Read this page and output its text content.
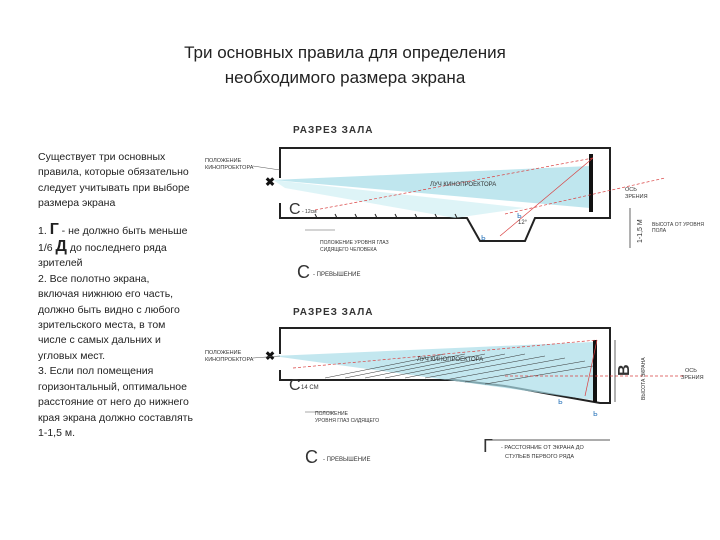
Три основных правила для определения
необходимого размера экрана

Существует три основных правила, которые обязательно следует учитывать при выборе размера экрана

1. Г - не должно быть меньше 1/6 Д до последнего ряда зрителей

2. Все полотно экрана, включая нижнюю его часть, должно быть видно с любого зрительского места, в том числе с самых дальних и угловых мест.

3. Если пол помещения горизонтальный, оптимальное расстояние от него до нижнего края экрана должно составлять 1-1,5 м.

РАЗРЕЗ ЗАЛА
✖
ь
ь
ПОЛОЖЕНИЕ
КИНОПРОЕКТОРА
ЛУЧ КИНОПРОЕКТОРА
C - 12см
12°
ОСЬ
ЗРЕНИЯ
1-1,5 М ВЫСОТА ОТ УРОВНЯ
ПОЛА
ПОЛОЖЕНИЕ УРОВНЯ ГЛАЗ
СИДЯЩЕГО ЧЕЛОВЕКА
C - ПРЕВЫШЕНИЕ
РАЗРЕЗ ЗАЛА
✖
ь
ь
ПОЛОЖЕНИЕ
КИНОПРОЕКТОРА	ЛУЧ КИНОПРОЕКТОРА
B ВЫСОТА ЭКРАНА	ОСЬ
ЗРЕНИЯ
C 14 СМ
ПОЛОЖЕНИЕ
УРОВНЯ ГЛАЗ СИДЯЩЕГО
Г - РАССТОЯНИЕ ОТ ЭКРАНА ДО
СТУЛЬЕВ ПЕРВОГО РЯДА
C - ПРЕВЫШЕНИЕ
